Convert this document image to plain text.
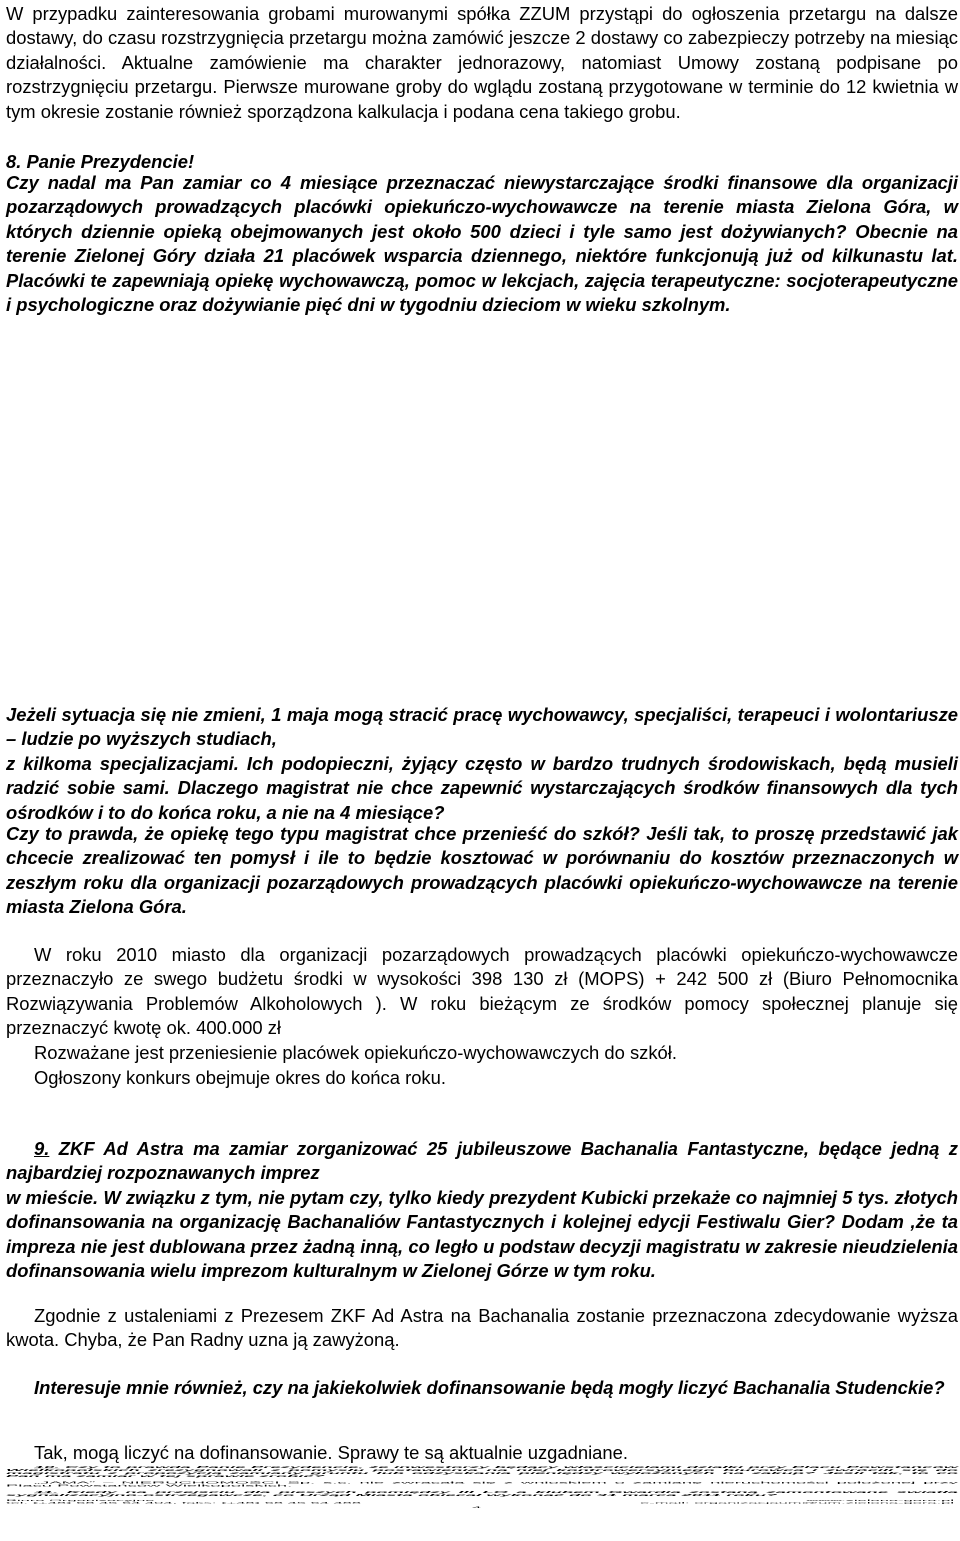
W przypadku zainteresowania grobami murowanymi spółka ZZUM przystąpi do ogłoszenia przetargu na dalsze dostawy, do czasu rozstrzygnięcia przetargu można zamówić jeszcze 2 dostawy co zabezpieczy potrzeby na miesiąc działalności. Aktualne zamówienie ma charakter jednorazowy, natomiast Umowy zostaną podpisane po rozstrzygnięciu przetargu. Pierwsze murowane groby do wglądu zostaną przygotowane w terminie do 12 kwietnia w tym okresie zostanie również sporządzona kalkulacja i podana cena takiego grobu.

8. Panie Prezydencie!

Czy nadal ma Pan zamiar co 4 miesiące przeznaczać niewystarczające środki finansowe dla organizacji pozarządowych prowadzących placówki opiekuńczo-wychowawcze na terenie miasta Zielona Góra, w których dziennie opieką obejmowanych jest około 500 dzieci i tyle samo jest dożywianych? Obecnie na terenie Zielonej Góry działa 21 placówek wsparcia dziennego, niektóre funkcjonują już od kilkunastu lat. Placówki te zapewniają opiekę wychowawczą, pomoc w lekcjach, zajęcia terapeutyczne: socjoterapeutyczne i psychologiczne oraz dożywianie pięć dni w tygodniu dzieciom w wieku szkolnym.

Jeżeli sytuacja się nie zmieni, 1 maja mogą stracić pracę wychowawcy, specjaliści, terapeuci i wolontariusze – ludzie po wyższych studiach,

z kilkoma specjalizacjami. Ich podopieczni, żyjący często w bardzo trudnych środowiskach, będą musieli radzić sobie sami. Dlaczego magistrat nie chce zapewnić wystarczających środków finansowych dla tych ośrodków i to do końca roku, a nie na 4 miesiące?

Czy to prawda, że opiekę tego typu magistrat chce przenieść do szkół? Jeśli tak, to proszę przedstawić jak chcecie zrealizować ten pomysł i ile to będzie kosztować w porównaniu do kosztów przeznaczonych w zeszłym roku dla organizacji pozarządowych prowadzących placówki opiekuńczo-wychowawcze na terenie miasta Zielona Góra.

W roku 2010 miasto dla organizacji pozarządowych prowadzących placówki opiekuńczo-wychowawcze przeznaczyło ze swego budżetu środki w wysokości 398 130 zł (MOPS) + 242 500 zł (Biuro Pełnomocnika Rozwiązywania Problemów Alkoholowych ). W roku bieżącym ze środków pomocy społecznej planuje się przeznaczyć kwotę ok. 400.000 zł

Rozważane jest przeniesienie placówek opiekuńczo-wychowawczych do szkół.

Ogłoszony konkurs obejmuje okres do końca roku.

9. ZKF Ad Astra ma zamiar zorganizować 25 jubileuszowe Bachanalia Fantastyczne, będące jedną z najbardziej rozpoznawanych imprez

w mieście. W związku z tym, nie pytam czy, tylko kiedy prezydent Kubicki przekaże co najmniej 5 tys. złotych dofinansowania na organizację Bachanaliów Fantastycznych i kolejnej edycji Festiwalu Gier? Dodam ,że ta impreza nie jest dublowana przez żadną inną, co legło u podstaw decyzji magistratu w zakresie nieudzielenia dofinansowania wielu imprezom kulturalnym w Zielonej Górze w tym roku.

Zgodnie z ustaleniami z Prezesem ZKF Ad Astra na Bachanalia zostanie przeznaczona zdecydowanie wyższa kwota. Chyba, że Pan Radny uzna ją zawyżoną.

Interesuje mnie również, czy na jakiekolwiek dofinansowanie będą mogły liczyć Bachanalia Studenckie?

Tak, mogą liczyć na dofinansowanie. Sprawy te są aktualnie uzgadniane.

10. Czy to prawda Panie Prezydencie, że inwestorzy będący właścicielami działki przy Placu Powstańców Wielkopolskich zrezygnowali z pomysłu postawienia na niej kontrowersyjnego biurowca i zwrócili się do magistratu z propozycją zamiany gruntu lub odzyskania pieniędzy wyłożonych na zakup? Jeśli tak, to co Pan ma zamiar w tej sprawie zrobić?

„JAMA” – NIERUCHOMOŚCI Sp. s.c. nie zwracała się z wnioskiem o zamianę nieruchomości położonej przy Placu Powstańców Wielkopolskich.

11. Kiedy na przejściu dla pieszych pomiędzy III LO a klubem Gwardia zostaną zamontowane światła sygnalizacyjno-ostrzegawcze, co Urząd Miasta obiecał wykonać do 31 marca 2011 roku?

Biuro Organizacyjne	www.zielona-gora.pl
tel. (+48) 68 45 64 404, faks: (+48) 68 45 64 488	e-mail: organizacjaum@um.zielona-gora.pl
4
